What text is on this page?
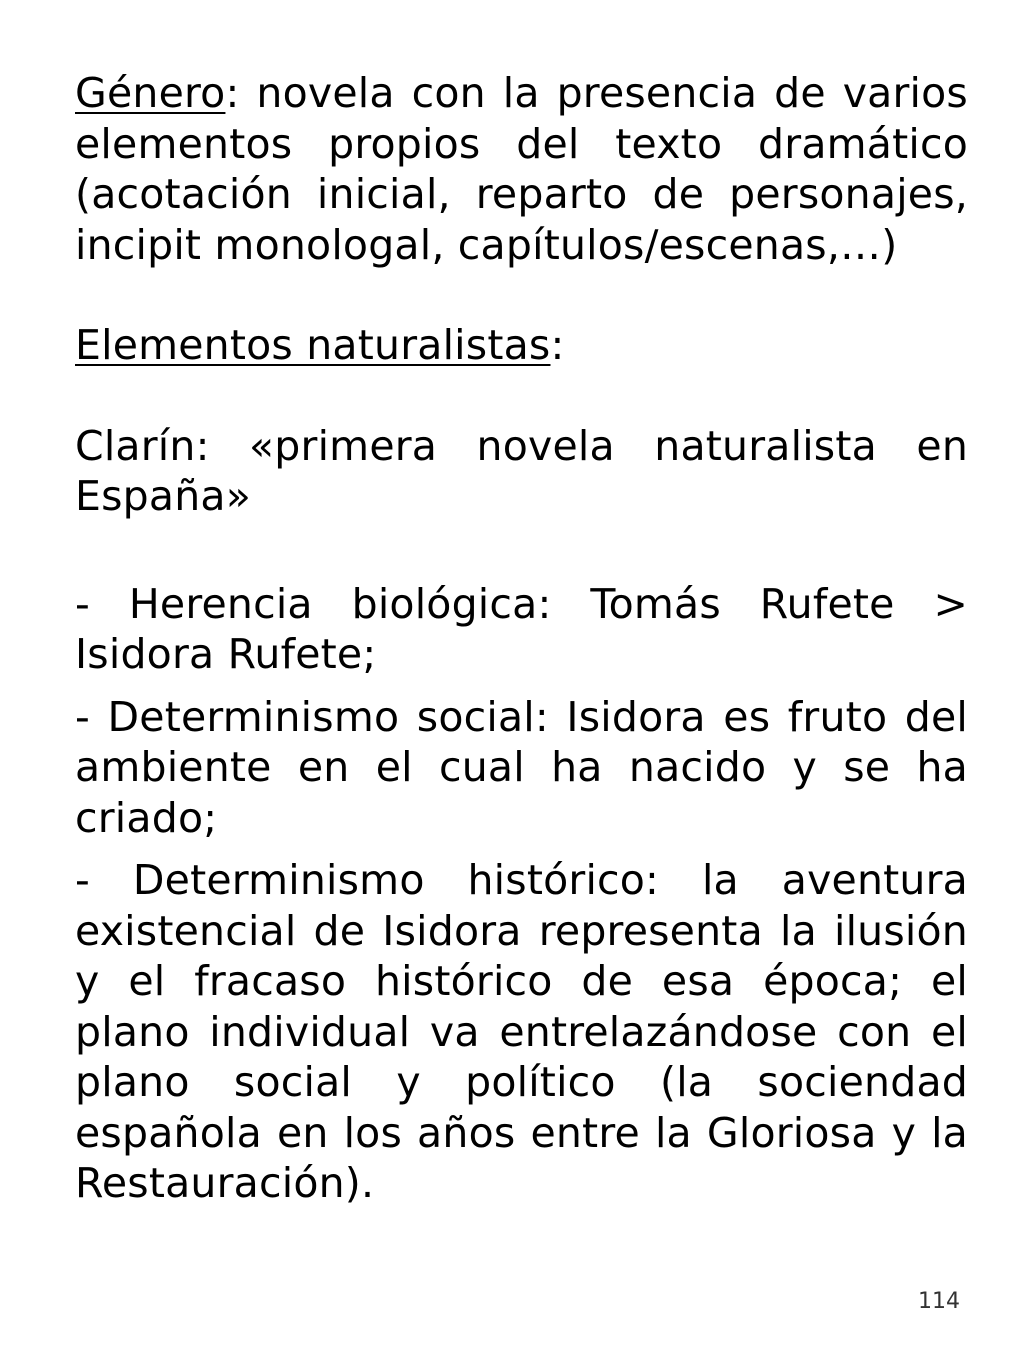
Género: novela con la presencia de varios elementos propios del texto dramático (acotación inicial, reparto de personajes, incipit monologal, capítulos/escenas,…)

Elementos naturalistas:

Clarín: «primera novela naturalista en España»

- Herencia biológica: Tomás Rufete > Isidora Rufete;

- Determinismo social: Isidora es fruto del ambiente en el cual ha nacido y se ha criado;

- Determinismo histórico: la aventura existencial de Isidora representa la ilusión y el fracaso histórico de esa época; el plano individual va entrelazándose con el plano social y político (la sociendad española en los años entre la Gloriosa y la Restauración).

114
